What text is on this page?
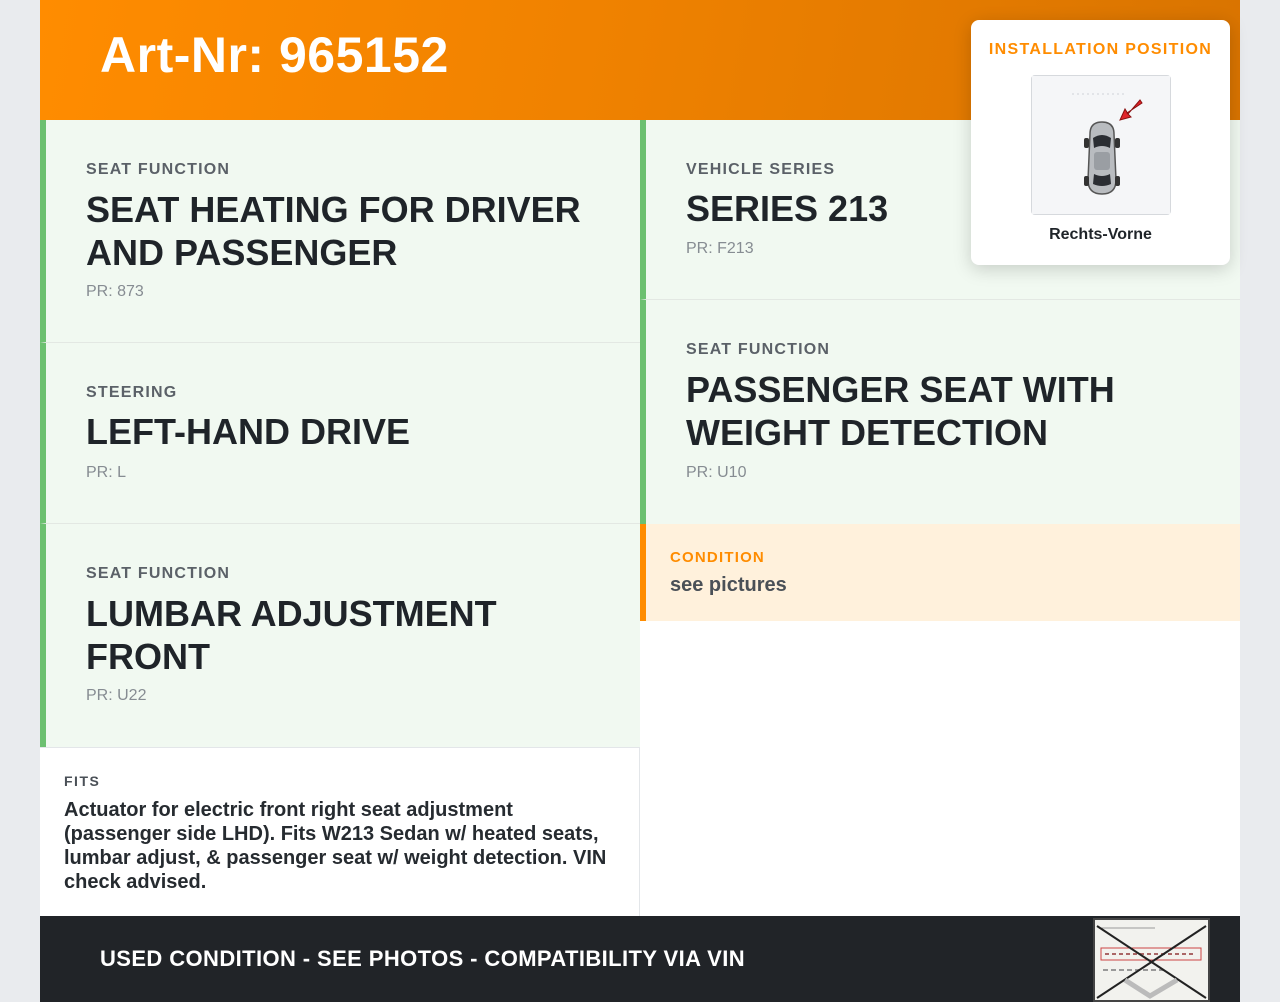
Art-Nr: 965152
SEAT FUNCTION
SEAT HEATING FOR DRIVER AND PASSENGER
PR: 873
STEERING
LEFT-HAND DRIVE
PR: L
SEAT FUNCTION
LUMBAR ADJUSTMENT FRONT
PR: U22
VEHICLE SERIES
SERIES 213
PR: F213
SEAT FUNCTION
PASSENGER SEAT WITH WEIGHT DETECTION
PR: U10
CONDITION
see pictures
FITS
Actuator for electric front right seat adjustment (passenger side LHD). Fits W213 Sedan w/ heated seats, lumbar adjust, & passenger seat w/ weight detection. VIN check advised.
USED CONDITION - SEE PHOTOS - COMPATIBILITY VIA VIN
INSTALLATION POSITION
Rechts-Vorne
